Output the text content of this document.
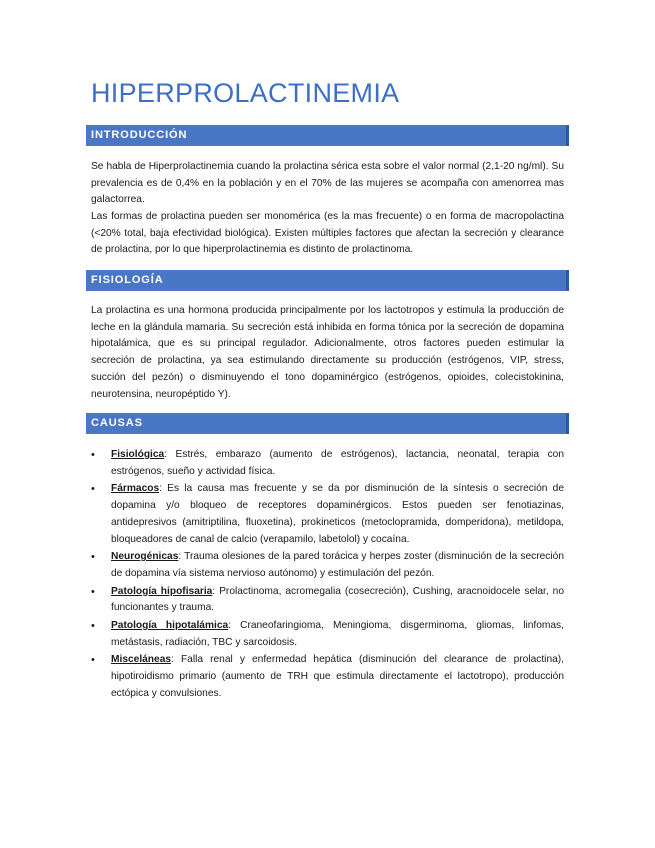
HIPERPROLACTINEMIA
INTRODUCCIÓN

Se habla de Hiperprolactinemia cuando la prolactina sérica esta sobre el valor normal (2,1-20 ng/ml). Su prevalencia es de 0,4% en la población y en el 70% de las mujeres se acompaña con amenorrea mas galactorrea.

Las formas de prolactina pueden ser monomérica (es la mas frecuente) o en forma de macropolactina (<20% total, baja efectividad biológica). Existen múltiples factores que afectan la secreción y clearance de prolactina, por lo que hiperprolactinemia es distinto de prolactinoma.

FISIOLOGÍA

La prolactina es una hormona producida principalmente por los lactotropos y estimula la producción de leche en la glándula mamaria. Su secreción está inhibida en forma tónica por la secreción de dopamina hipotalámica, que es su principal regulador. Adicionalmente, otros factores pueden estimular la secreción de prolactina, ya sea estimulando directamente su producción (estrógenos, VIP, stress, succión del pezón) o disminuyendo el tono dopaminérgico (estrógenos, opioides, colecistokinina, neurotensina, neuropéptido Y).

CAUSAS
• Fisiológica: Estrés, embarazo (aumento de estrógenos), lactancia, neonatal, terapia con estrógenos, sueño y actividad física.
• Fármacos: Es la causa mas frecuente y se da por disminución de la síntesis o secreción de dopamina y/o bloqueo de receptores dopaminérgicos. Estos pueden ser fenotiazinas, antidepresivos (amitriptilina, fluoxetina), prokineticos (metoclopramida, domperidona), metildopa, bloqueadores de canal de calcio (verapamilo, labetolol) y cocaína.
• Neurogénicas: Trauma olesiones de la pared torácica y herpes zoster (disminución de la secreción de dopamina vía sistema nervioso autónomo) y estimulación del pezón.
• Patología hipofisaria: Prolactinoma, acromegalia (cosecreción), Cushing, aracnoidocele selar, no funcionantes y trauma.
• Patología hipotalámica: Craneofaringioma, Meningioma, disgerminoma, gliomas, linfomas, metástasis, radiación, TBC y sarcoidosis.
• Misceláneas: Falla renal y enfermedad hepática (disminución del clearance de prolactina), hipotiroidismo primario (aumento de TRH que estimula directamente el lactotropo), producción ectópica y convulsiones.
